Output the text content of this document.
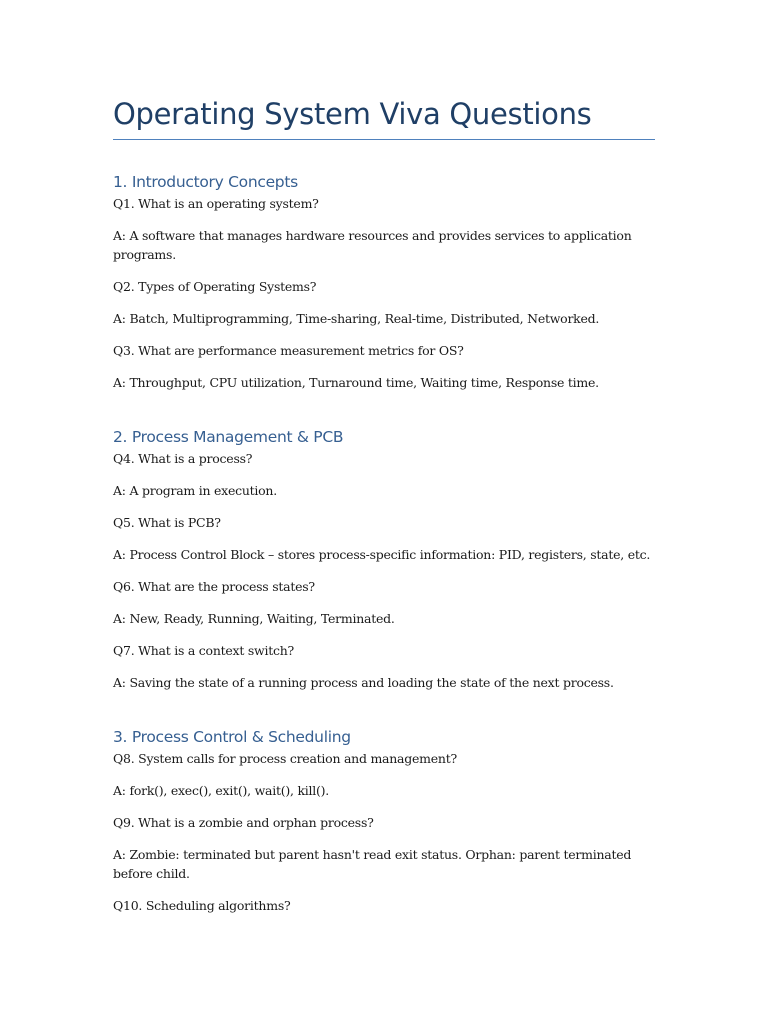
Operating System Viva Questions
1. Introductory Concepts

Q1. What is an operating system?

A: A software that manages hardware resources and provides services to application programs.

Q2. Types of Operating Systems?

A: Batch, Multiprogramming, Time-sharing, Real-time, Distributed, Networked.

Q3. What are performance measurement metrics for OS?

A: Throughput, CPU utilization, Turnaround time, Waiting time, Response time.

2. Process Management & PCB

Q4. What is a process?

A: A program in execution.

Q5. What is PCB?

A: Process Control Block – stores process-specific information: PID, registers, state, etc.

Q6. What are the process states?

A: New, Ready, Running, Waiting, Terminated.

Q7. What is a context switch?

A: Saving the state of a running process and loading the state of the next process.

3. Process Control & Scheduling

Q8. System calls for process creation and management?

A: fork(), exec(), exit(), wait(), kill().

Q9. What is a zombie and orphan process?

A: Zombie: terminated but parent hasn't read exit status. Orphan: parent terminated before child.

Q10. Scheduling algorithms?
